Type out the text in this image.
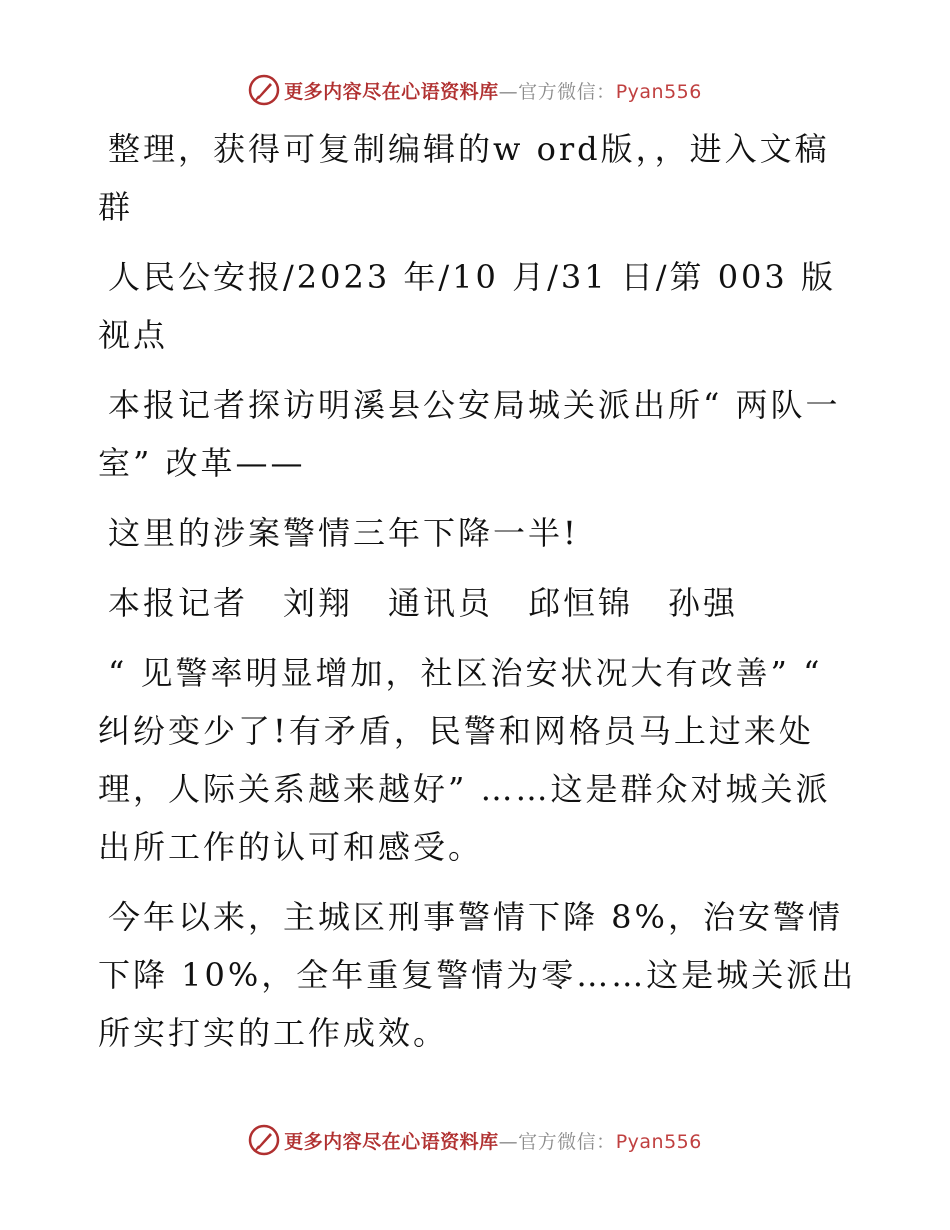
更多内容尽在心语资料库—官方微信：Pyan556

整理，获得可复制编辑的w ord版，，进入文稿群

人民公安报/2023 年/10 月/31 日/第 003 版视点

本报记者探访明溪县公安局城关派出所“ 两队一室” 改革——

这里的涉案警情三年下降一半!

本报记者　刘翔　通讯员　邱恒锦　孙强

“ 见警率明显增加，社区治安状况大有改善” “ 纠纷变少了!有矛盾，民警和网格员马上过来处理，人际关系越来越好” ……这是群众对城关派出所工作的认可和感受。

今年以来，主城区刑事警情下降 8%，治安警情下降 10%，全年重复警情为零……这是城关派出所实打实的工作成效。

更多内容尽在心语资料库—官方微信：Pyan556
